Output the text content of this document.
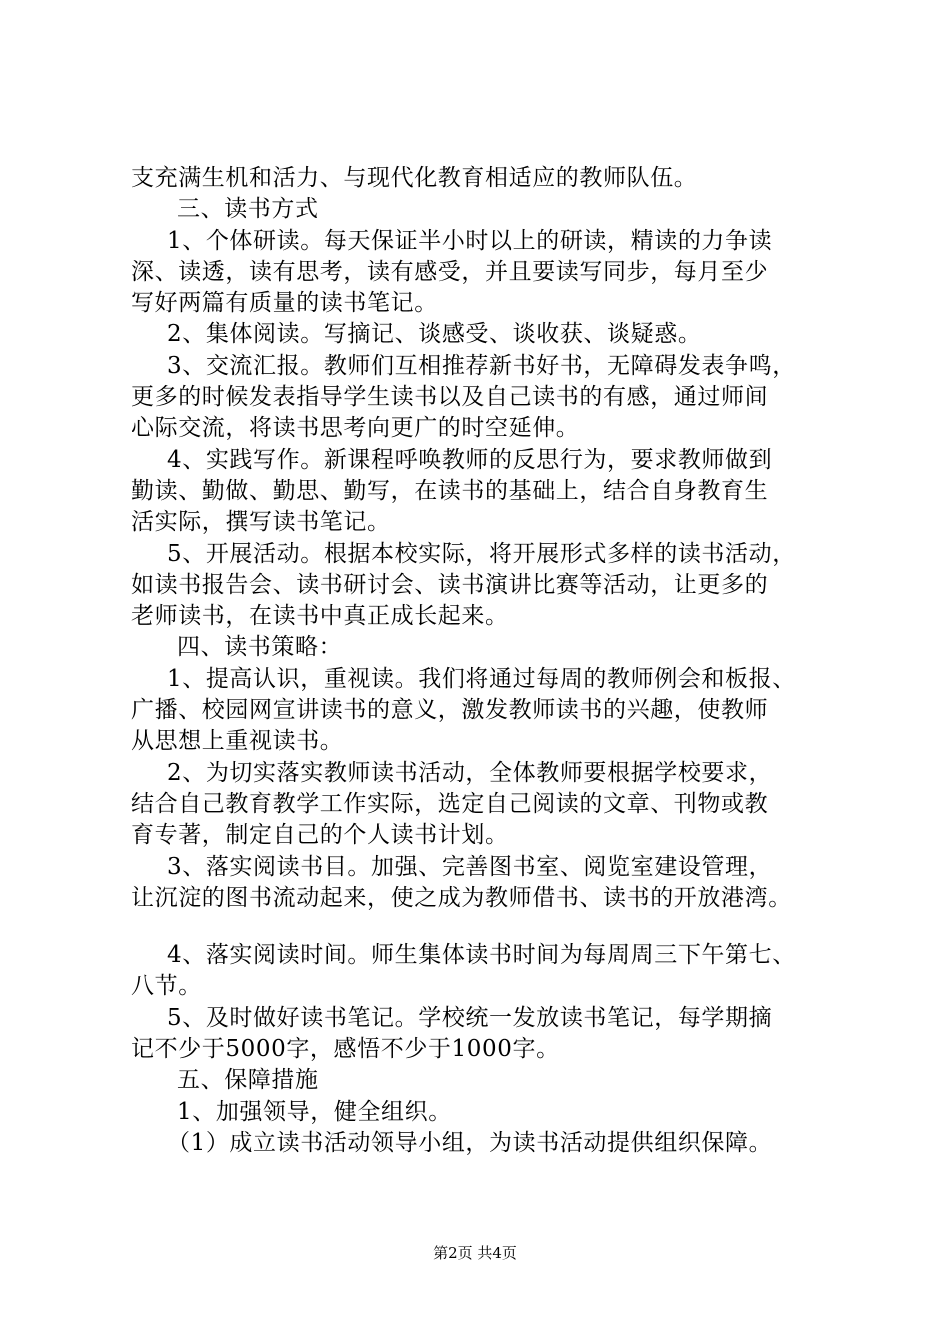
支充满生机和活力、与现代化教育相适应的教师队伍。
三、读书方式
1、个体研读。每天保证半小时以上的研读，精读的力争读
深、读透，读有思考，读有感受，并且要读写同步，每月至少
写好两篇有质量的读书笔记。
2、集体阅读。写摘记、谈感受、谈收获、谈疑惑。
3、交流汇报。教师们互相推荐新书好书，无障碍发表争鸣，
更多的时候发表指导学生读书以及自己读书的有感，通过师间
心际交流，将读书思考向更广的时空延伸。
4、实践写作。新课程呼唤教师的反思行为，要求教师做到
勤读、勤做、勤思、勤写，在读书的基础上，结合自身教育生
活实际，撰写读书笔记。
5、开展活动。根据本校实际，将开展形式多样的读书活动，
如读书报告会、读书研讨会、读书演讲比赛等活动，让更多的
老师读书，在读书中真正成长起来。
四、读书策略：
1、提高认识，重视读。我们将通过每周的教师例会和板报、
广播、校园网宣讲读书的意义，激发教师读书的兴趣，使教师
从思想上重视读书。
2、为切实落实教师读书活动，全体教师要根据学校要求，
结合自己教育教学工作实际，选定自己阅读的文章、刊物或教
育专著，制定自己的个人读书计划。
3、落实阅读书目。加强、完善图书室、阅览室建设管理，
让沉淀的图书流动起来，使之成为教师借书、读书的开放港湾。
4、落实阅读时间。师生集体读书时间为每周周三下午第七、
八节。
5、及时做好读书笔记。学校统一发放读书笔记，每学期摘
记不少于5000字，感悟不少于1000字。
五、保障措施
1、加强领导，健全组织。
（1）成立读书活动领导小组，为读书活动提供组织保障。
第2页 共4页
